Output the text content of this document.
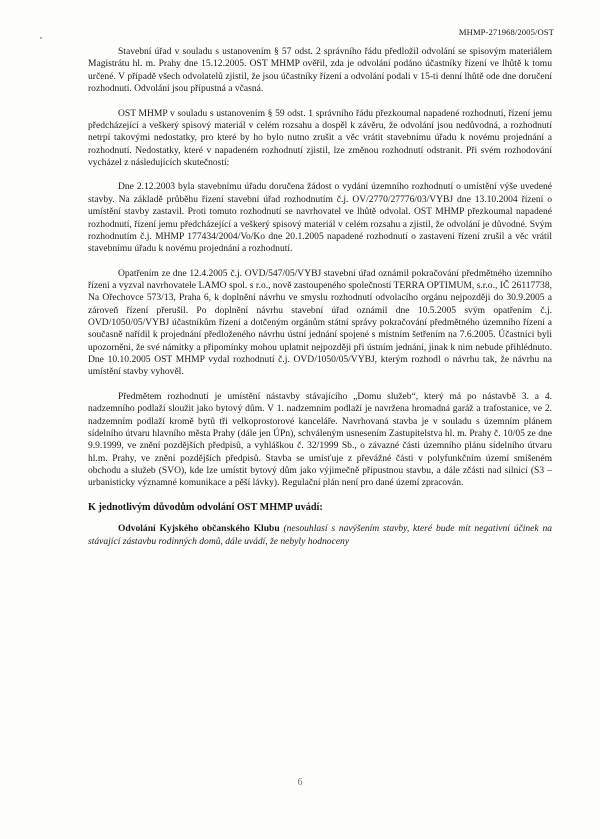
MHMP-271968/2005/OST

Stavební úřad v souladu s ustanovením § 57 odst. 2 správního řádu předložil odvolání se spisovým materiálem Magistrátu hl. m. Prahy dne 15.12.2005. OST MHMP ověřil, zda je odvolání podáno účastníky řízení ve lhůtě k tomu určené. V případě všech odvolatelů zjistil, že jsou účastníky řízení a odvolání podali v 15-ti denní lhůtě ode dne doručení rozhodnutí. Odvolání jsou přípustná a včasná.

OST MHMP v souladu s ustanovením § 59 odst. 1 správního řádu přezkoumal napadené rozhodnutí, řízení jemu předcházející a veškerý spisový materiál v celém rozsahu a dospěl k závěru, že odvolání jsou nedůvodná, a rozhodnutí netrpí takovými nedostatky, pro které by ho bylo nutno zrušit a věc vrátit stavebnímu úřadu k novému projednání a rozhodnutí. Nedostatky, které v napadeném rozhodnutí zjistil, lze změnou rozhodnutí odstranit. Při svém rozhodování vycházel z následujících skutečností:

Dne 2.12.2003 byla stavebnímu úřadu doručena žádost o vydání územního rozhodnutí o umístění výše uvedené stavby. Na základě průběhu řízení stavební úřad rozhodnutím č.j. OV/2770/27776/03/VYBJ dne 13.10.2004 řízení o umístění stavby zastavil. Proti tomuto rozhodnutí se navrhovatel ve lhůtě odvolal. OST MHMP přezkoumal napadené rozhodnutí, řízení jemu předcházející a veškerý spisový materiál v celém rozsahu a zjistil, že odvolání je důvodné. Svým rozhodnutím č.j. MHMP 177434/2004/Vo/Ko dne 20.1.2005 napadené rozhodnutí o zastavení řízení zrušil a věc vrátil stavebnímu úřadu k novému projednání a rozhodnutí.

Opatřením ze dne 12.4.2005 č.j. OVD/547/05/VYBJ stavební úřad oznámil pokračování předmětného územního řízení a vyzval navrhovatele LAMO spol. s r.o., nově zastoupeného společností TERRA OPTIMUM, s.r.o., IČ 26117738, Na Ořechovce 573/13, Praha 6, k doplnění návrhu ve smyslu rozhodnutí odvolacího orgánu nejpozději do 30.9.2005 a zároveň řízení přerušil. Po doplnění návrhu stavební úřad oznámil dne 10.5.2005 svým opatřením č.j. OVD/1050/05/VYBJ účastníkům řízení a dotčeným orgánům státní správy pokračování předmětného územního řízení a současně nařídil k projednání předloženého návrhu ústní jednání spojené s místním šetřením na 7.6.2005. Účastníci byli upozorněni, že své námitky a připomínky mohou uplatnit nejpozději při ústním jednání, jinak k nim nebude přihlédnuto. Dne 10.10.2005 OST MHMP vydal rozhodnutí č.j. OVD/1050/05/VYBJ, kterým rozhodl o návrhu tak, že návrhu na umístění stavby vyhověl.

Předmětem rozhodnutí je umístění nástavby stávajícího „Domu služeb“, který má po nástavbě 3. a 4. nadzemního podlaží sloužit jako bytový dům. V 1. nadzemním podlaží je navržena hromadná garáž a trafostanice, ve 2. nadzemním podlaží kromě bytů tři velkoprostorové kanceláře. Navrhovaná stavba je v souladu s územním plánem sídelního útvaru hlavního města Prahy (dále jen ÚPn), schváleným usnesením Zastupitelstva hl. m. Prahy č. 10/05 ze dne 9.9.1999, ve znění pozdějších předpisů, a vyhláškou č. 32/1999 Sb., o závazné části územního plánu sídelního útvaru hl.m. Prahy, ve znění pozdějších předpisů. Stavba se umísťuje z převážné části v polyfunkčním území smíšeném obchodu a služeb (SVO), kde lze umístit bytový dům jako výjimečně přípustnou stavbu, a dále zčásti nad silnicí (S3 – urbanisticky významné komunikace a pěší lávky). Regulační plán není pro dané území zpracován.

K jednotlivým důvodům odvolání OST MHMP uvádí:

Odvolání Kyjského občanského Klubu (nesouhlasí s navýšením stavby, které bude mít negativní účinek na stávající zástavbu rodinných domů, dále uvádí, že nebyly hodnoceny

6
